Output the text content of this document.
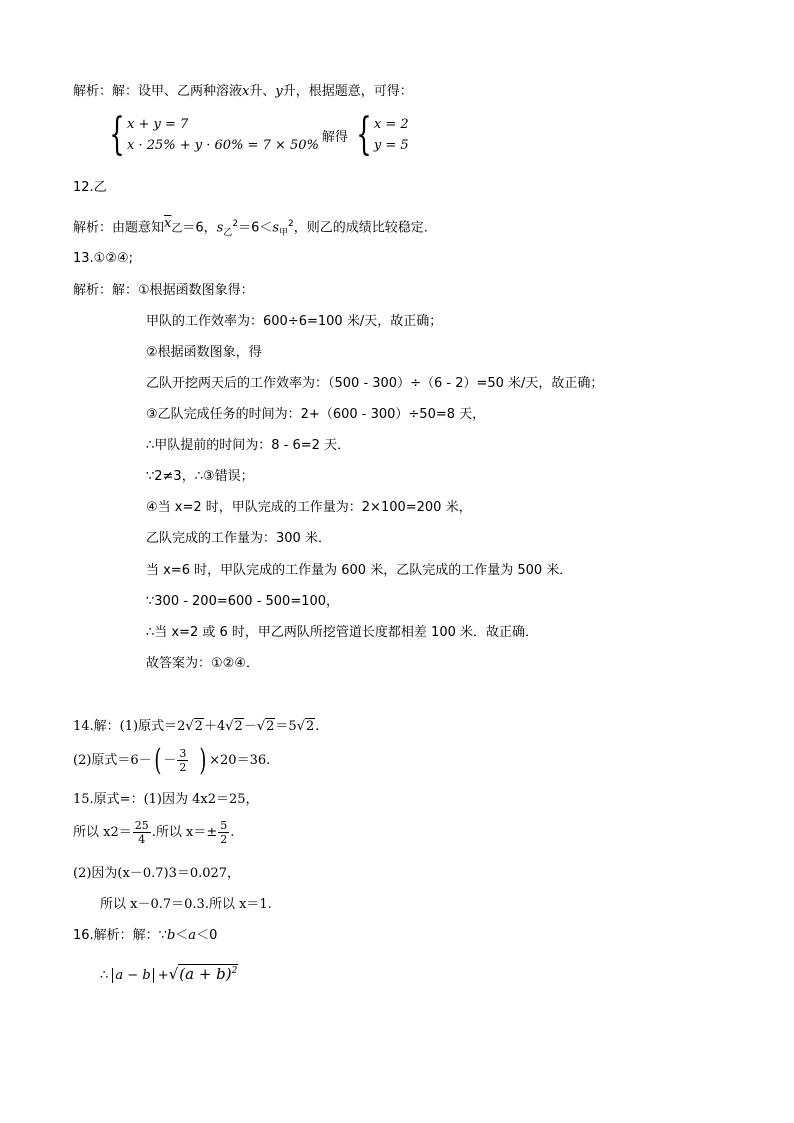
解析：解：设甲、乙两种溶液x升、y升，根据题意，可得：
{ x + y = 7
x · 25% + y · 60% = 7 × 50%
解得 { x = 2
y = 5
12.乙
解析：由题意知$\overline{x}$乙＝6，$s_乙^2=6<s_甲^2$，则乙的成绩比较稳定.
13.①②④;
解析：解：①根据函数图象得：
甲队的工作效率为：600÷6=100 米/天，故正确；
②根据函数图象，得
乙队开挖两天后的工作效率为：（500 - 300）÷（6 - 2）=50 米/天，故正确；
③乙队完成任务的时间为：2+（600 - 300）÷50=8 天，
∴甲队提前的时间为：8 - 6=2 天．
∵2≠3，∴③错误；
④当 x=2 时，甲队完成的工作量为：2×100=200 米，
乙队完成的工作量为：300 米．
当 x=6 时，甲队完成的工作量为 600 米，乙队完成的工作量为 500 米．
∵300 - 200=600 - 500=100，
∴当 x=2 或 6 时，甲乙两队所挖管道长度都相差 100 米．故正确．
故答案为：①②④．
14.解：(1)原式＝2√2＋4√2－√2＝5√2.
(2)原式$=6-( - \frac{3}{2}$ ) ×20＝36.
15.原式=：(1)因为 4x2＝25，
所以 $x2= \frac{25}{4}$ .所以 $x=\pm \frac{5}{2}$ .
(2)因为(x－0.7)3＝0.027，
所以 x－0.7＝0.3.所以 x＝1.
16.解析：解：∵b＜a＜0
∴ $a - b +√(a + b)^2$
